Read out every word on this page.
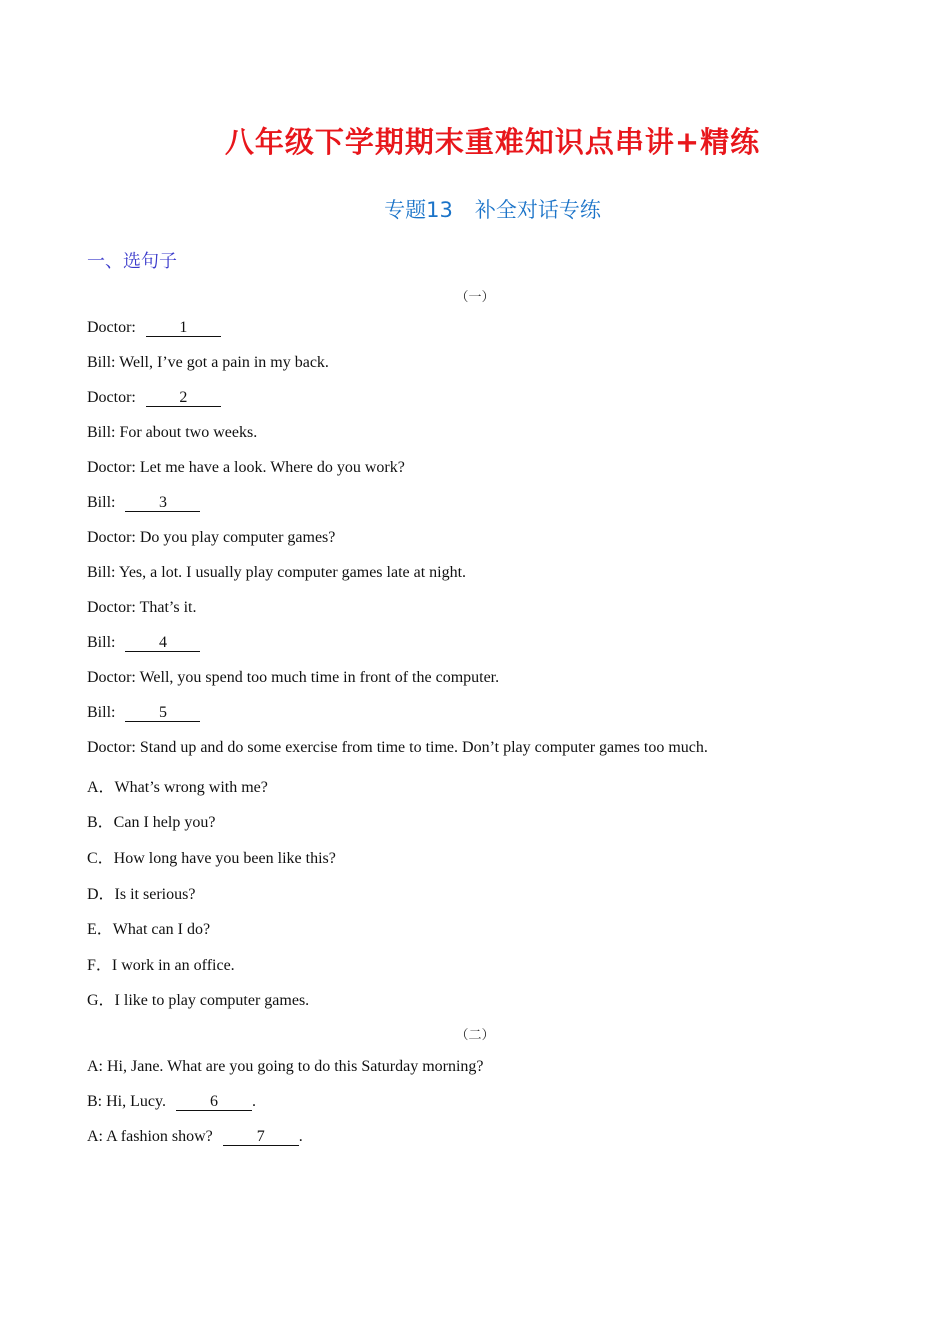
八年级下学期期末重难知识点串讲+精练
专题13 补全对话专练
一、选句子
（一）
Doctor:	1
Bill: Well, I’ve got a pain in my back.
Doctor:	2
Bill: For about two weeks.
Doctor: Let me have a look. Where do you work?
Bill:	3
Doctor: Do you play computer games?
Bill: Yes, a lot. I usually play computer games late at night.
Doctor: That’s it.
Bill:	4
Doctor: Well, you spend too much time in front of the computer.
Bill:	5
Doctor: Stand up and do some exercise from time to time. Don’t play computer games too much.
A．What’s wrong with me?
B．Can I help you?
C．How long have you been like this?
D．Is it serious?
E．What can I do?
F．I work in an office.
G．I like to play computer games.
（二）
A: Hi, Jane. What are you going to do this Saturday morning?
B: Hi, Lucy.	6 .
A: A fashion show?	7 .
